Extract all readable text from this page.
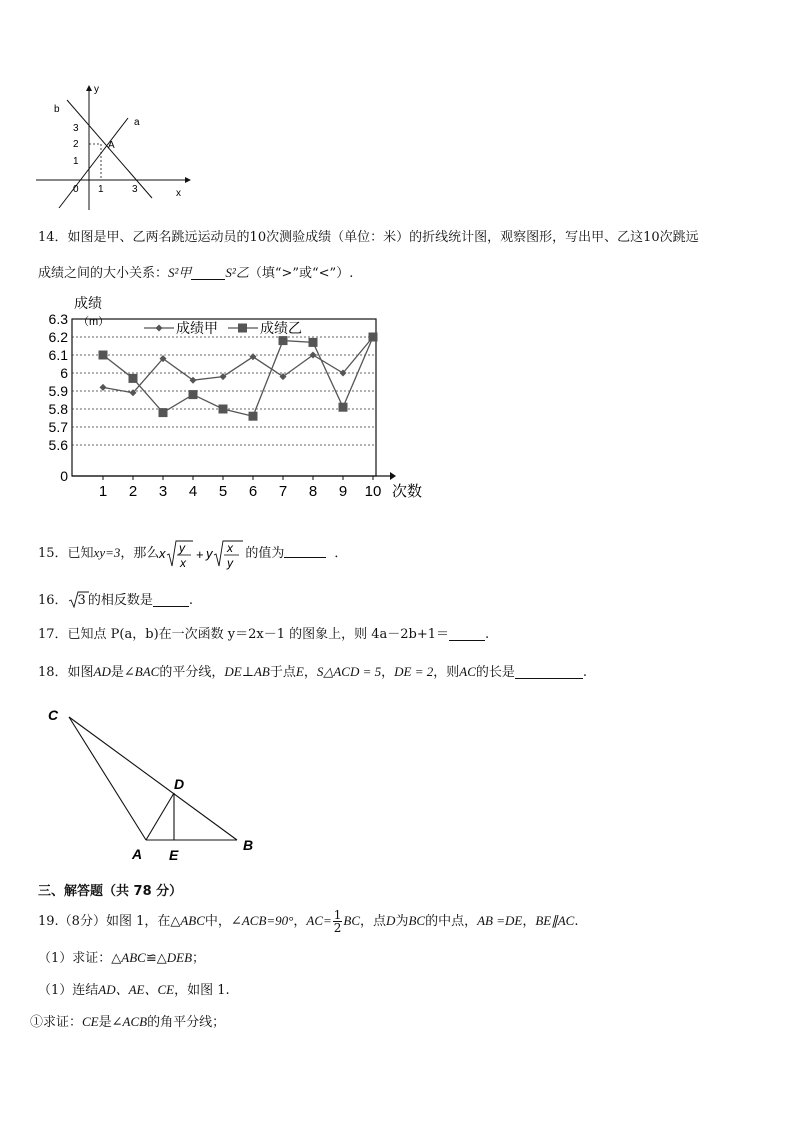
y
x
b
a
A
0 1	3
1
2
3
14．如图是甲、乙两名跳远运动员的10次测验成绩（单位：米）的折线统计图，观察图形，写出甲、乙这10次跳远
成绩之间的大小关系：S²甲	S²乙（填“>”或“<”）.
成绩
（m）
次数
0
5.6
5.7
5.8
5.9
6
6.1
6.2
6.3
1 2 3 4 5 6 7 8 9 10
成绩甲	成绩乙
15．已知xy=3，那么 x y
x
+ y x
y
的值为	．
16． 3 的相反数是	.
17．已知点 P(a，b)在一次函数 y＝2x－1 的图象上，则 4a－2b+1＝	.
18．如图AD是∠BAC的平分线，DE⊥AB于点E，S△ACD = 5，DE = 2，则AC的长是	.
C
D
A E
B
三、解答题（共 78 分）
19.（8分）如图 1，在△ABC中，∠ACB=90°，$AC= \frac{1}{2}$ BC，点D为BC的中点，AB =DE，BE∥AC.
（1）求证：△ABC≌△DEB；
（1）连结AD、AE、CE，如图 1.
①求证：CE是∠ACB的角平分线；
